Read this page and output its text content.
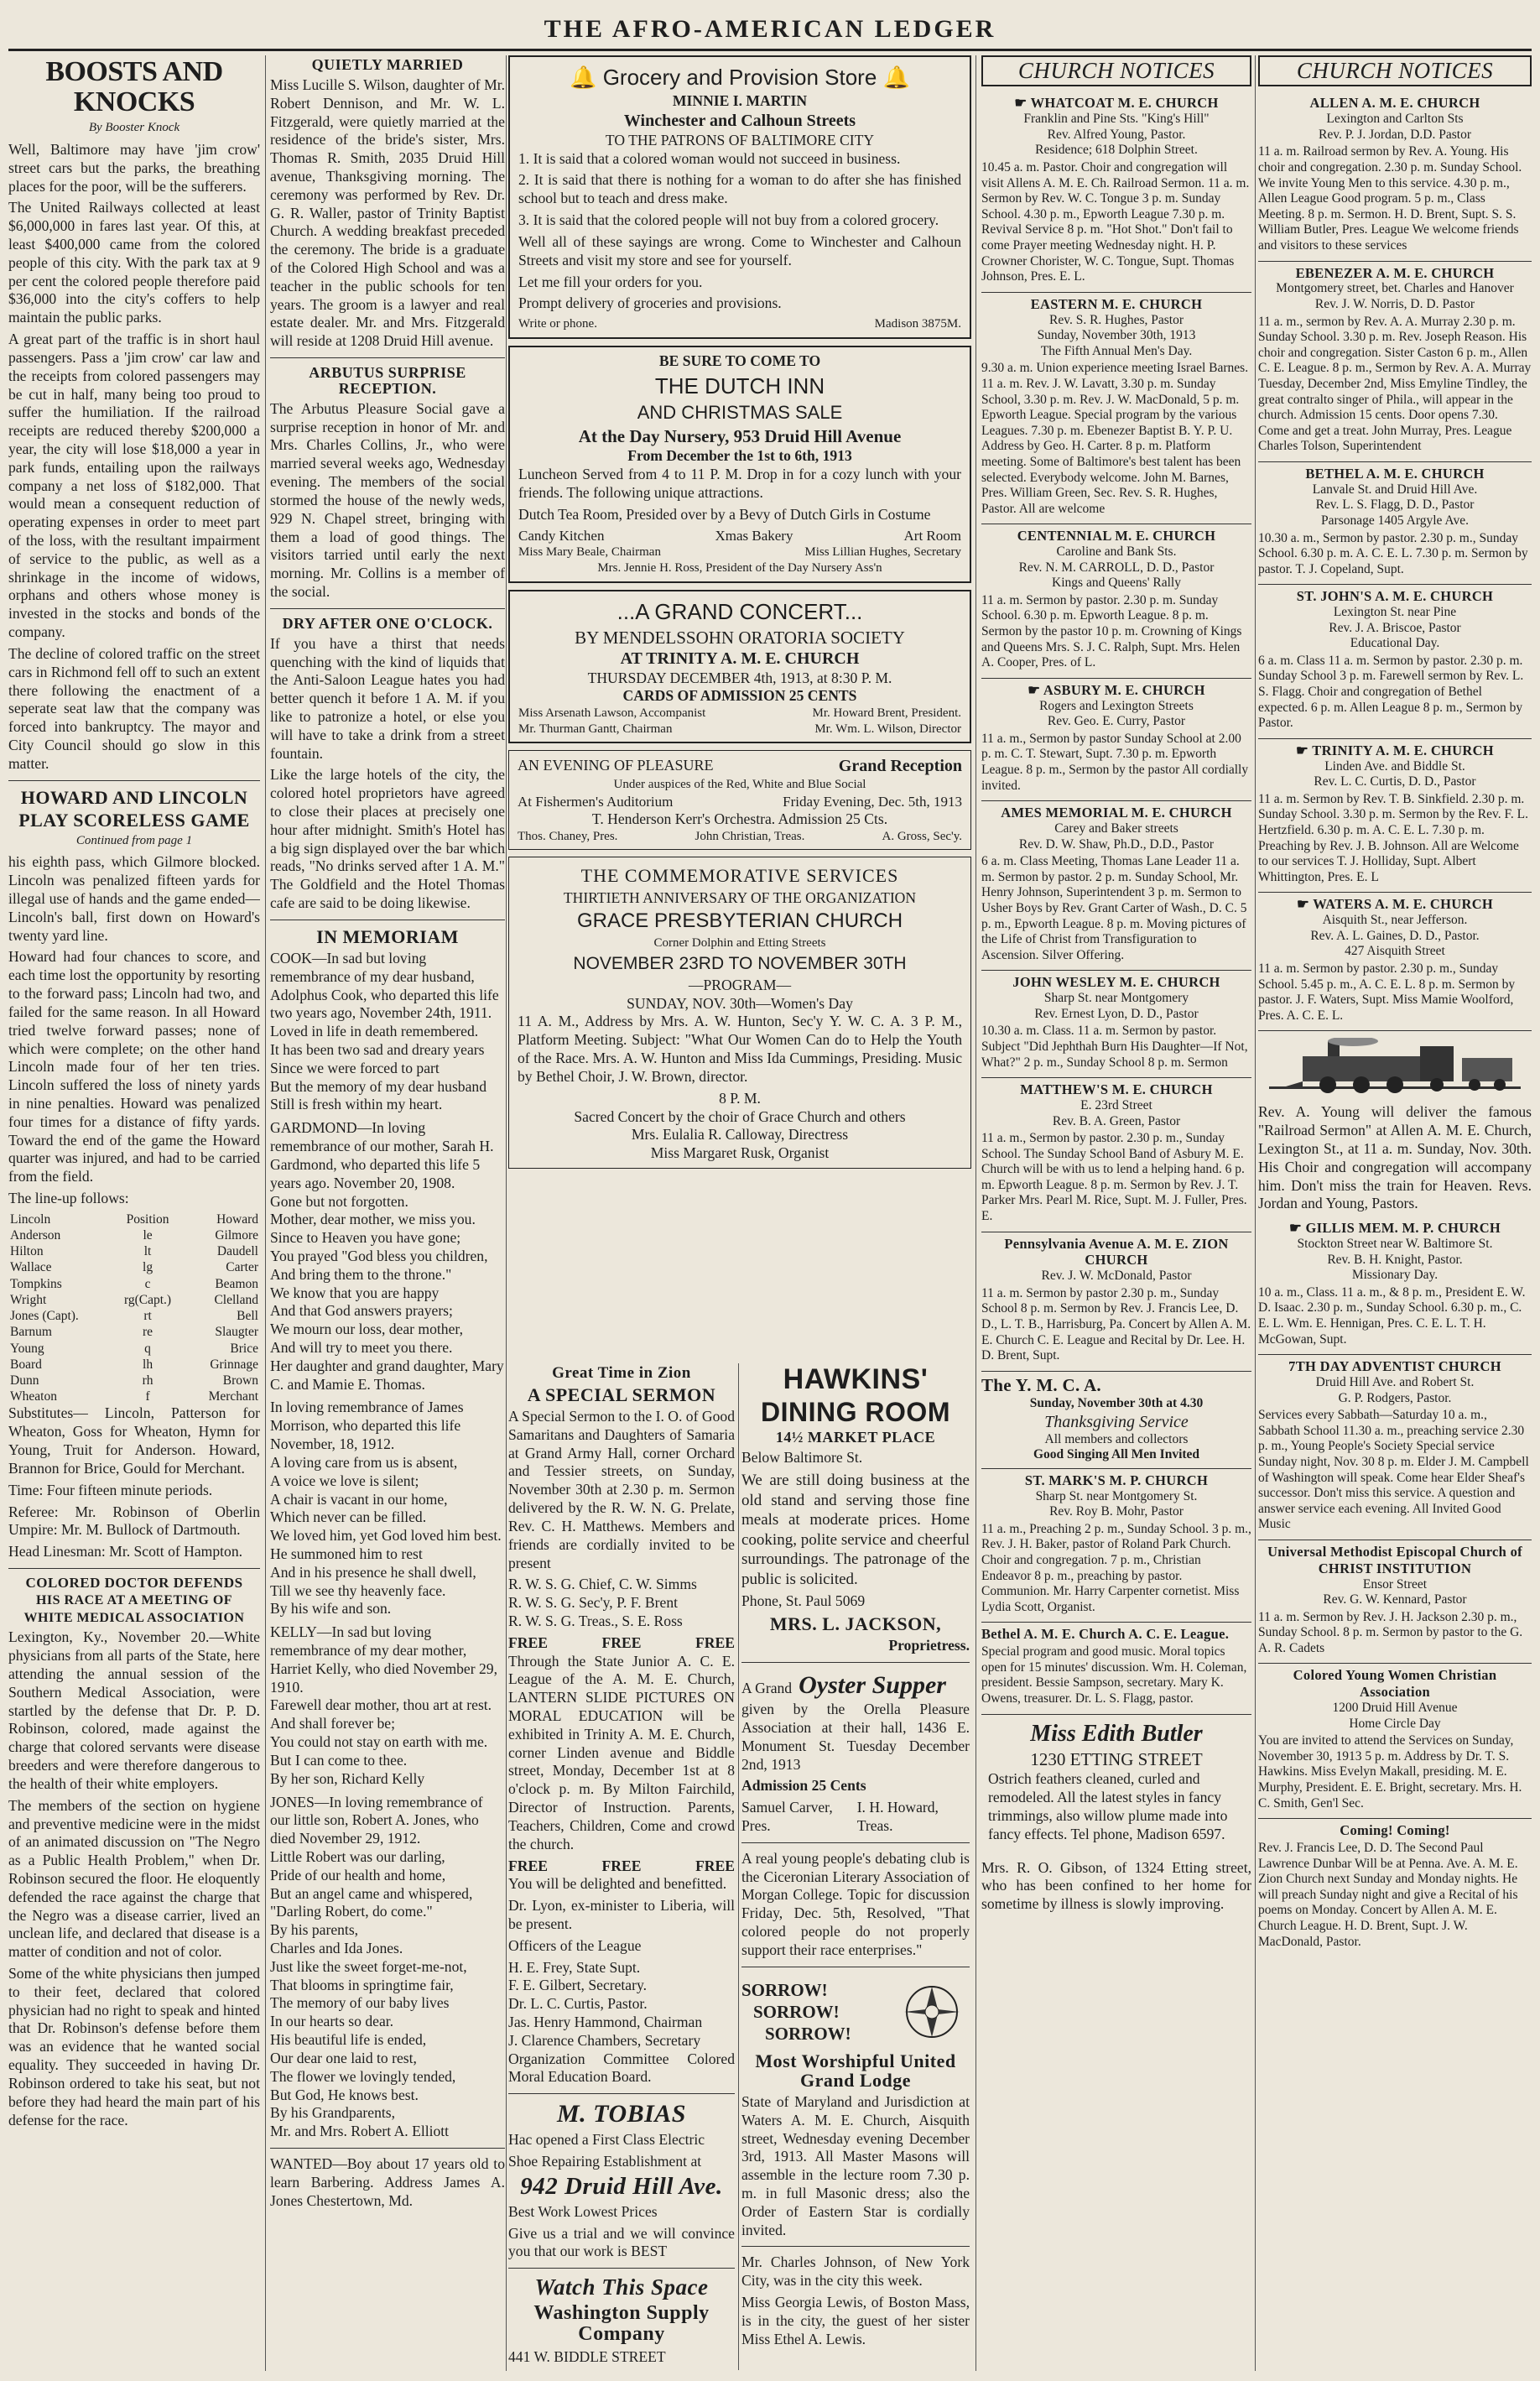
THE AFRO-AMERICAN LEDGER
BOOSTS AND KNOCKS
By Booster Knock

Well, Baltimore may have 'jim crow' street cars but the parks, the breathing places for the poor, will be the sufferers.

The United Railways collected at least $6,000,000 in fares last year. Of this, at least $400,000 came from the colored people of this city. With the park tax at 9 per cent the colored people therefore paid $36,000 into the city's coffers to help maintain the public parks.

A great part of the traffic is in short haul passengers. Pass a 'jim crow' car law and the receipts from colored passengers may be cut in half, many being too proud to suffer the humiliation. If the railroad receipts are reduced thereby $200,000 a year, the city will lose $18,000 a year in park funds, entailing upon the railways company a net loss of $182,000. That would mean a consequent reduction of operating expenses in order to meet part of the loss, with the resultant impairment of service to the public, as well as a shrinkage in the income of widows, orphans and others whose money is invested in the stocks and bonds of the company.

The decline of colored traffic on the street cars in Richmond fell off to such an extent there following the enactment of a seperate seat law that the company was forced into bankruptcy. The mayor and City Council should go slow in this matter.

HOWARD AND LINCOLN
PLAY SCORELESS GAME
Continued from page 1

his eighth pass, which Gilmore blocked. Lincoln was penalized fifteen yards for illegal use of hands and the game ended—Lincoln's ball, first down on Howard's twenty yard line.

Howard had four chances to score, and each time lost the opportunity by resorting to the forward pass; Lincoln had two, and failed for the same reason. In all Howard tried twelve forward passes; none of which were complete; on the other hand Lincoln made four of her ten tries. Lincoln suffered the loss of ninety yards in nine penalties. Howard was penalized four times for a distance of fifty yards. Toward the end of the game the Howard quarter was injured, and had to be carried from the field.

The line-up follows:

Lincoln	Position	Howard
Anderson	le	Gilmore
Hilton	lt	Daudell
Wallace	lg	Carter
Tompkins	c	Beamon
Wright	rg(Capt.)	Clelland
Jones (Capt).	rt	Bell
Barnum	re	Slaugter
Young	q	Brice
Board	lh	Grinnage
Dunn	rh	Brown
Wheaton	f	Merchant

Substitutes— Lincoln, Patterson for Wheaton, Goss for Wheaton, Hymn for Young, Truit for Anderson. Howard, Brannon for Brice, Gould for Merchant.

Time: Four fifteen minute periods.

Referee: Mr. Robinson of Oberlin Umpire: Mr. M. Bullock of Dartmouth.

Head Linesman: Mr. Scott of Hampton.

COLORED DOCTOR DEFENDS
HIS RACE AT A MEETING OF
WHITE MEDICAL ASSOCIATION

Lexington, Ky., November 20.—White physicians from all parts of the State, here attending the annual session of the Southern Medical Association, were startled by the defense that Dr. P. D. Robinson, colored, made against the charge that colored servants were disease breeders and were therefore dangerous to the health of their white employers.

The members of the section on hygiene and preventive medicine were in the midst of an animated discussion on "The Negro as a Public Health Problem," when Dr. Robinson secured the floor. He eloquently defended the race against the charge that the Negro was a disease carrier, lived an unclean life, and declared that disease is a matter of condition and not of color.

Some of the white physicians then jumped to their feet, declared that colored physician had no right to speak and hinted that Dr. Robinson's defense before them was an evidence that he wanted social equality. They succeeded in having Dr. Robinson ordered to take his seat, but not before they had heard the main part of his defense for the race.

QUIETLY MARRIED

Miss Lucille S. Wilson, daughter of Mr. Robert Dennison, and Mr. W. L. Fitzgerald, were quietly married at the residence of the bride's sister, Mrs. Thomas R. Smith, 2035 Druid Hill avenue, Thanksgiving morning. The ceremony was performed by Rev. Dr. G. R. Waller, pastor of Trinity Baptist Church. A wedding breakfast preceded the ceremony. The bride is a graduate of the Colored High School and was a teacher in the public schools for ten years. The groom is a lawyer and real estate dealer. Mr. and Mrs. Fitzgerald will reside at 1208 Druid Hill avenue.

ARBUTUS SURPRISE RECEPTION.

The Arbutus Pleasure Social gave a surprise reception in honor of Mr. and Mrs. Charles Collins, Jr., who were married several weeks ago, Wednesday evening. The members of the social stormed the house of the newly weds, 929 N. Chapel street, bringing with them a load of good things. The visitors tarried until early the next morning. Mr. Collins is a member of the social.

DRY AFTER ONE O'CLOCK.

If you have a thirst that needs quenching with the kind of liquids that the Anti-Saloon League hates you had better quench it before 1 A. M. if you like to patronize a hotel, or else you will have to take a drink from a street fountain.

Like the large hotels of the city, the colored hotel proprietors have agreed to close their places at precisely one hour after midnight. Smith's Hotel has a big sign displayed over the bar which reads, "No drinks served after 1 A. M." The Goldfield and the Hotel Thomas cafe are said to be doing likewise.

IN MEMORIAM

COOK—In sad but loving remembrance of my dear husband, Adolphus Cook, who departed this life two years ago, November 24th, 1911.

Loved in life in death remembered.

It has been two sad and dreary years

Since we were forced to part

But the memory of my dear husband

Still is fresh within my heart.

GARDMOND—In loving remembrance of our mother, Sarah H. Gardmond, who departed this life 5 years ago. November 20, 1908.

Gone but not forgotten.

Mother, dear mother, we miss you.

Since to Heaven you have gone;

You prayed "God bless you children,

And bring them to the throne."

We know that you are happy

And that God answers prayers;

We mourn our loss, dear mother,

And will try to meet you there.

Her daughter and grand daughter, Mary C. and Mamie E. Thomas.

In loving remembrance of James Morrison, who departed this life November, 18, 1912.

A loving care from us is absent,

A voice we love is silent;

A chair is vacant in our home,

Which never can be filled.

We loved him, yet God loved him best.

He summoned him to rest

And in his presence he shall dwell,

Till we see thy heavenly face.

By his wife and son.

KELLY—In sad but loving remembrance of my dear mother, Harriet Kelly, who died November 29, 1910.

Farewell dear mother, thou art at rest.

And shall forever be;

You could not stay on earth with me.

But I can come to thee.

By her son, Richard Kelly

JONES—In loving remembrance of our little son, Robert A. Jones, who died November 29, 1912.

Little Robert was our darling,

Pride of our health and home,

But an angel came and whispered,

"Darling Robert, do come."

By his parents,

Charles and Ida Jones.

Just like the sweet forget-me-not,

That blooms in springtime fair,

The memory of our baby lives

In our hearts so dear.

His beautiful life is ended,

Our dear one laid to rest,

The flower we lovingly tended,

But God, He knows best.

By his Grandparents,

Mr. and Mrs. Robert A. Elliott

WANTED—Boy about 17 years old to learn Barbering. Address James A. Jones Chestertown, Md.

🔔 Grocery and Provision Store 🔔
MINNIE I. MARTIN
Winchester and Calhoun Streets
TO THE PATRONS OF BALTIMORE CITY

1. It is said that a colored woman would not succeed in business.

2. It is said that there is nothing for a woman to do after she has finished school but to teach and dress make.

3. It is said that the colored people will not buy from a colored grocery.

Well all of these sayings are wrong. Come to Winchester and Calhoun Streets and visit my store and see for yourself.

Let me fill your orders for you.

Prompt delivery of groceries and provisions.

Write or phone.	Madison 3875M.
BE SURE TO COME TO
THE DUTCH INN
AND CHRISTMAS SALE
At the Day Nursery, 953 Druid Hill Avenue
From December the 1st to 6th, 1913

Luncheon Served from 4 to 11 P. M. Drop in for a cozy lunch with your friends. The following unique attractions.

Dutch Tea Room, Presided over by a Bevy of Dutch Girls in Costume

Candy Kitchen	Xmas Bakery	Art Room
Miss Mary Beale, Chairman	Miss Lillian Hughes, Secretary
Mrs. Jennie H. Ross, President of the Day Nursery Ass'n
...A GRAND CONCERT...
BY MENDELSSOHN ORATORIA SOCIETY
AT TRINITY A. M. E. CHURCH
THURSDAY DECEMBER 4th, 1913, at 8:30 P. M.
CARDS OF ADMISSION 25 CENTS
Miss Arsenath Lawson, Accompanist	Mr. Howard Brent, President.
Mr. Thurman Gantt, Chairman	Mr. Wm. L. Wilson, Director
AN EVENING OF PLEASURE	Grand Reception
Under auspices of the Red, White and Blue Social
At Fishermen's Auditorium	Friday Evening, Dec. 5th, 1913
T. Henderson Kerr's Orchestra. Admission 25 Cts.
Thos. Chaney, Pres.	John Christian, Treas.	A. Gross, Sec'y.
THE COMMEMORATIVE SERVICES
THIRTIETH ANNIVERSARY OF THE ORGANIZATION
GRACE PRESBYTERIAN CHURCH
Corner Dolphin and Etting Streets
NOVEMBER 23RD TO NOVEMBER 30TH
—PROGRAM—
SUNDAY, NOV. 30th—Women's Day

11 A. M., Address by Mrs. A. W. Hunton, Sec'y Y. W. C. A. 3 P. M., Platform Meeting. Subject: "What Our Women Can do to Help the Youth of the Race. Mrs. A. W. Hunton and Miss Ida Cummings, Presiding. Music by Bethel Choir, J. W. Brown, director.

8 P. M.
Sacred Concert by the choir of Grace Church and others
Mrs. Eulalia R. Calloway, Directress
Miss Margaret Rusk, Organist
Great Time in Zion
A SPECIAL SERMON

A Special Sermon to the I. O. of Good Samaritans and Daughters of Samaria at Grand Army Hall, corner Orchard and Tessier streets, on Sunday, November 30th at 2.30 p. m. Sermon delivered by the R. W. N. G. Prelate, Rev. C. H. Matthews. Members and friends are cordially invited to be present

R. W. S. G. Chief, C. W. Simms

R. W. S. G. Sec'y, P. F. Brent

R. W. S. G. Treas., S. E. Ross

FREE	FREE	FREE

Through the State Junior A. C. E. League of the A. M. E. Church, LANTERN SLIDE PICTURES ON MORAL EDUCATION will be exhibited in Trinity A. M. E. Church, corner Linden avenue and Biddle street, Monday, December 1st at 8 o'clock p. m. By Milton Fairchild, Director of Instruction. Parents, Teachers, Children, Come and crowd the church.

FREE	FREE	FREE

You will be delighted and benefitted.

Dr. Lyon, ex-minister to Liberia, will be present.

Officers of the League

H. E. Frey, State Supt.

F. E. Gilbert, Secretary.

Dr. L. C. Curtis, Pastor.

Jas. Henry Hammond, Chairman

J. Clarence Chambers, Secretary

Organization Committee Colored Moral Education Board.

M. TOBIAS

Hac opened a First Class Electric

Shoe Repairing Establishment at

942 Druid Hill Ave.

Best Work Lowest Prices

Give us a trial and we will convince you that our work is BEST

Watch This Space
Washington Supply Company

441 W. BIDDLE STREET

HAWKINS'
DINING ROOM
14½ MARKET PLACE

Below Baltimore St.

We are still doing business at the old stand and serving those fine meals at moderate prices. Home cooking, polite service and cheerful surroundings. The patronage of the public is solicited.

Phone, St. Paul 5069

MRS. L. JACKSON,

Proprietress.

A Grand Oyster Supper

given by the Orella Pleasure Association at their hall, 1436 E. Monument St. Tuesday December 2nd, 1913

Admission 25 Cents

Samuel Carver, Pres.
I. H. Howard, Treas.

A real young people's debating club is the Ciceronian Literary Association of Morgan College. Topic for discussion Friday, Dec. 5th, Resolved, "That colored people do not properly support their race enterprises."

SORROW!
SORROW!
SORROW!
Most Worshipful United Grand Lodge

State of Maryland and Jurisdiction at Waters A. M. E. Church, Aisquith street, Wednesday evening December 3rd, 1913. All Master Masons will assemble in the lecture room 7.30 p. m. in full Masonic dress; also the Order of Eastern Star is cordially invited.

Mr. Charles Johnson, of New York City, was in the city this week.

Miss Georgia Lewis, of Boston Mass, is in the city, the guest of her sister Miss Ethel A. Lewis.

CHURCH NOTICES
☛ WHATCOAT M. E. CHURCH
Franklin and Pine Sts. "King's Hill"
Rev. Alfred Young, Pastor.
Residence; 618 Dolphin Street.

10.45 a. m. Pastor. Choir and congregation will visit Allens A. M. E. Ch. Railroad Sermon. 11 a. m. Sermon by Rev. W. C. Tongue 3 p. m. Sunday School. 4.30 p. m., Epworth League 7.30 p. m. Revival Service 8 p. m. "Hot Shot." Don't fail to come Prayer meeting Wednesday night. H. P. Crowner Chorister, W. C. Tongue, Supt. Thomas Johnson, Pres. E. L.

EASTERN M. E. CHURCH
Rev. S. R. Hughes, Pastor
Sunday, November 30th, 1913
The Fifth Annual Men's Day.

9.30 a. m. Union experience meeting Israel Barnes. 11 a. m. Rev. J. W. Lavatt, 3.30 p. m. Sunday School, 3.30 p. m. Rev. J. W. MacDonald, 5 p. m. Epworth League. Special program by the various Leagues. 7.30 p. m. Ebenezer Baptist B. Y. P. U. Address by Geo. H. Carter. 8 p. m. Platform meeting. Some of Baltimore's best talent has been selected. Everybody welcome. John M. Barnes, Pres. William Green, Sec. Rev. S. R. Hughes, Pastor. All are welcome

CENTENNIAL M. E. CHURCH
Caroline and Bank Sts.
Rev. N. M. CARROLL, D. D., Pastor
Kings and Queens' Rally

11 a. m. Sermon by pastor. 2.30 p. m. Sunday School. 6.30 p. m. Epworth League. 8 p. m. Sermon by the pastor 10 p. m. Crowning of Kings and Queens Mrs. S. J. C. Ralph, Supt. Mrs. Helen A. Cooper, Pres. of L.

☛ ASBURY M. E. CHURCH
Rogers and Lexington Streets
Rev. Geo. E. Curry, Pastor

11 a. m., Sermon by pastor Sunday School at 2.00 p. m. C. T. Stewart, Supt. 7.30 p. m. Epworth League. 8 p. m., Sermon by the pastor All cordially invited.

AMES MEMORIAL M. E. CHURCH
Carey and Baker streets
Rev. D. W. Shaw, Ph.D., D.D., Pastor

6 a. m. Class Meeting, Thomas Lane Leader 11 a. m. Sermon by pastor. 2 p. m. Sunday School, Mr. Henry Johnson, Superintendent 3 p. m. Sermon to Usher Boys by Rev. Grant Carter of Wash., D. C. 5 p. m., Epworth League. 8 p. m. Moving pictures of the Life of Christ from Transfiguration to Ascension. Silver Offering.

JOHN WESLEY M. E. CHURCH
Sharp St. near Montgomery
Rev. Ernest Lyon, D. D., Pastor

10.30 a. m. Class. 11 a. m. Sermon by pastor. Subject "Did Jephthah Burn His Daughter—If Not, What?" 2 p. m., Sunday School 8 p. m. Sermon

MATTHEW'S M. E. CHURCH
E. 23rd Street
Rev. B. A. Green, Pastor

11 a. m., Sermon by pastor. 2.30 p. m., Sunday School. The Sunday School Band of Asbury M. E. Church will be with us to lend a helping hand. 6 p. m. Epworth League. 8 p. m. Sermon by Rev. J. T. Parker Mrs. Pearl M. Rice, Supt. M. J. Fuller, Pres. E.

Pennsylvania Avenue A. M. E. ZION CHURCH
Rev. J. W. McDonald, Pastor

11 a. m. Sermon by pastor 2.30 p. m., Sunday School 8 p. m. Sermon by Rev. J. Francis Lee, D. D., L. T. B., Harrisburg, Pa. Concert by Allen A. M. E. Church C. E. League and Recital by Dr. Lee. H. D. Brent, Supt.

The Y. M. C. A.
Sunday, November 30th at 4.30
Thanksgiving Service
All members and collectors
Good Singing All Men Invited
ST. MARK'S M. P. CHURCH
Sharp St. near Montgomery St.
Rev. Roy B. Mohr, Pastor

11 a. m., Preaching 2 p. m., Sunday School. 3 p. m., Rev. J. H. Baker, pastor of Roland Park Church. Choir and congregation. 7 p. m., Christian Endeavor 8 p. m., preaching by pastor. Communion. Mr. Harry Carpenter cornetist. Miss Lydia Scott, Organist.

Bethel A. M. E. Church A. C. E. League.

Special program and good music. Moral topics open for 15 minutes' discussion. Wm. H. Coleman, president. Bessie Sampson, secretary. Mary K. Owens, treasurer. Dr. L. S. Flagg, pastor.

Miss Edith Butler
1230 ETTING STREET

Ostrich feathers cleaned, curled and remodeled. All the latest styles in fancy trimmings, also willow plume made into fancy effects. Tel phone, Madison 6597.

Mrs. R. O. Gibson, of 1324 Etting street, who has been confined to her home for sometime by illness is slowly improving.

CHURCH NOTICES
ALLEN A. M. E. CHURCH
Lexington and Carlton Sts
Rev. P. J. Jordan, D.D. Pastor

11 a. m. Railroad sermon by Rev. A. Young. His choir and congregation. 2.30 p. m. Sunday School. We invite Young Men to this service. 4.30 p. m., Allen League Good program. 5 p. m., Class Meeting. 8 p. m. Sermon. H. D. Brent, Supt. S. S. William Butler, Pres. League We welcome friends and visitors to these services

EBENEZER A. M. E. CHURCH
Montgomery street, bet. Charles and Hanover
Rev. J. W. Norris, D. D. Pastor

11 a. m., sermon by Rev. A. A. Murray 2.30 p. m. Sunday School. 3.30 p. m. Rev. Joseph Reason. His choir and congregation. Sister Caston 6 p. m., Allen C. E. League. 8 p. m., Sermon by Rev. A. A. Murray Tuesday, December 2nd, Miss Emyline Tindley, the great contralto singer of Phila., will appear in the church. Admission 15 cents. Door opens 7.30. Come and get a treat. John Murray, Pres. League Charles Tolson, Superintendent

BETHEL A. M. E. CHURCH
Lanvale St. and Druid Hill Ave.
Rev. L. S. Flagg, D. D., Pastor
Parsonage 1405 Argyle Ave.

10.30 a. m., Sermon by pastor. 2.30 p. m., Sunday School. 6.30 p. m. A. C. E. L. 7.30 p. m. Sermon by pastor. T. J. Copeland, Supt.

ST. JOHN'S A. M. E. CHURCH
Lexington St. near Pine
Rev. J. A. Briscoe, Pastor
Educational Day.

6 a. m. Class 11 a. m. Sermon by pastor. 2.30 p. m. Sunday School 3 p. m. Farewell sermon by Rev. L. S. Flagg. Choir and congregation of Bethel expected. 6 p. m. Allen League 8 p. m., Sermon by Pastor.

☛ TRINITY A. M. E. CHURCH
Linden Ave. and Biddle St.
Rev. L. C. Curtis, D. D., Pastor

11 a. m. Sermon by Rev. T. B. Sinkfield. 2.30 p. m. Sunday School. 3.30 p. m. Sermon by the Rev. F. L. Hertzfield. 6.30 p. m. A. C. E. L. 7.30 p. m. Preaching by Rev. J. B. Johnson. All are Welcome to our services T. J. Holliday, Supt. Albert Whittington, Pres. E. L

☛ WATERS A. M. E. CHURCH
Aisquith St., near Jefferson.
Rev. A. L. Gaines, D. D., Pastor.
427 Aisquith Street

11 a. m. Sermon by pastor. 2.30 p. m., Sunday School. 5.45 p. m., A. C. E. L. 8 p. m. Sermon by pastor. J. F. Waters, Supt. Miss Mamie Woolford, Pres. A. C. E. L.

Rev. A. Young will deliver the famous "Railroad Sermon" at Allen A. M. E. Church, Lexington St., at 11 a. m. Sunday, Nov. 30th. His Choir and congregation will accompany him. Don't miss the train for Heaven. Revs. Jordan and Young, Pastors.

☛ GILLIS MEM. M. P. CHURCH
Stockton Street near W. Baltimore St.
Rev. B. H. Knight, Pastor.
Missionary Day.

10 a. m., Class. 11 a. m., & 8 p. m., President E. W. D. Isaac. 2.30 p. m., Sunday School. 6.30 p. m., C. E. L. Wm. E. Hennigan, Pres. C. E. L. T. H. McGowan, Supt.

7TH DAY ADVENTIST CHURCH
Druid Hill Ave. and Robert St.
G. P. Rodgers, Pastor.

Services every Sabbath—Saturday 10 a. m., Sabbath School 11.30 a. m., preaching service 2.30 p. m., Young People's Society Special service Sunday night, Nov. 30 8 p. m. Elder J. M. Campbell of Washington will speak. Come hear Elder Sheaf's successor. Don't miss this service. A question and answer service each evening. All Invited Good Music

Universal Methodist Episcopal Church of CHRIST INSTITUTION
Ensor Street
Rev. G. W. Kennard, Pastor

11 a. m. Sermon by Rev. J. H. Jackson 2.30 p. m., Sunday School. 8 p. m. Sermon by pastor to the G. A. R. Cadets

Colored Young Women Christian Association
1200 Druid Hill Avenue
Home Circle Day

You are invited to attend the Services on Sunday, November 30, 1913 5 p. m. Address by Dr. T. S. Hawkins. Miss Evelyn Makall, presiding. M. E. Murphy, President. E. E. Bright, secretary. Mrs. H. C. Smith, Gen'l Sec.

Coming! Coming!

Rev. J. Francis Lee, D. D. The Second Paul Lawrence Dunbar Will be at Penna. Ave. A. M. E. Zion Church next Sunday and Monday nights. He will preach Sunday night and give a Recital of his poems on Monday. Concert by Allen A. M. E. Church League. H. D. Brent, Supt. J. W. MacDonald, Pastor.
